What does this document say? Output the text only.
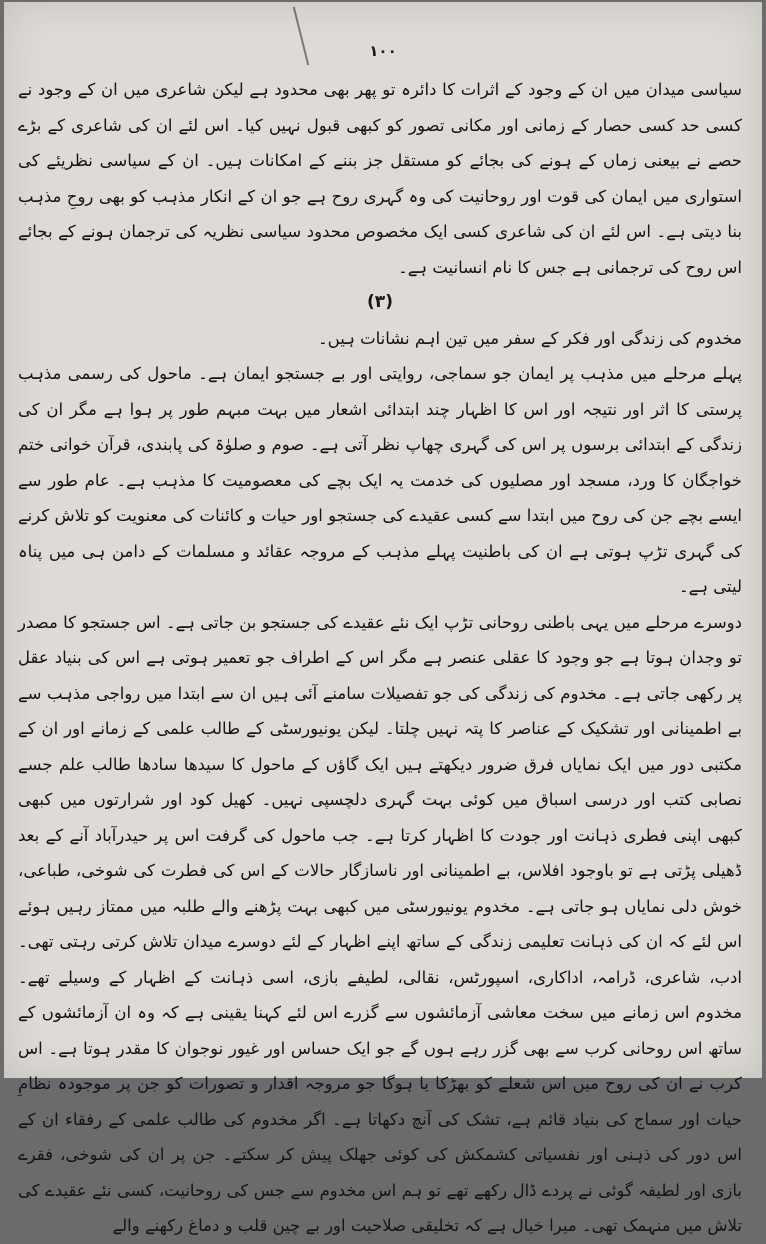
۱۰۰

سیاسی میدان میں ان کے وجود کے اثرات کا دائرہ تو پھر بھی محدود ہے لیکن شاعری میں ان کے وجود نے کسی حد کسی حصار کے زمانی اور مکانی تصور کو کبھی قبول نہیں کیا۔ اس لئے ان کی شاعری کے بڑے حصے نے بیعنی زماں کے ہونے کی بجائے کو مستقل جز بننے کے امکانات ہیں۔ ان کے سیاسی نظریئے کی استواری میں ایمان کی قوت اور روحانیت کی وہ گہری روح ہے جو ان کے انکار مذہب کو بھی روحِ مذہب بنا دیتی ہے۔ اس لئے ان کی شاعری کسی ایک مخصوص محدود سیاسی نظریہ کی ترجمان ہونے کے بجائے اس روح کی ترجمانی ہے جس کا نام انسانیت ہے۔

(۳)

مخدوم کی زندگی اور فکر کے سفر میں تین اہم نشانات ہیں۔

پہلے مرحلے میں مذہب پر ایمان جو سماجی، روایتی اور بے جستجو ایمان ہے۔ ماحول کی رسمی مذہب پرستی کا اثر اور نتیجہ اور اس کا اظہار چند ابتدائی اشعار میں بہت مبہم طور پر ہوا ہے مگر ان کی زندگی کے ابتدائی برسوں پر اس کی گہری چھاپ نظر آتی ہے۔ صوم و صلوٰۃ کی پابندی، قرآن خوانی ختم خواجگان کا ورد، مسجد اور مصلیوں کی خدمت یہ ایک بچے کی معصومیت کا مذہب ہے۔ عام طور سے ایسے بچے جن کی روح میں ابتدا سے کسی عقیدے کی جستجو اور حیات و کائنات کی معنویت کو تلاش کرنے کی گہری تڑپ ہوتی ہے ان کی باطنیت پہلے مذہب کے مروجہ عقائد و مسلمات کے دامن ہی میں پناہ لیتی ہے۔

دوسرے مرحلے میں یہی باطنی روحانی تڑپ ایک نئے عقیدے کی جستجو بن جاتی ہے۔ اس جستجو کا مصدر تو وجدان ہوتا ہے جو وجود کا عقلی عنصر ہے مگر اس کے اطراف جو تعمیر ہوتی ہے اس کی بنیاد عقل پر رکھی جاتی ہے۔ مخدوم کی زندگی کی جو تفصیلات سامنے آئی ہیں ان سے ابتدا میں رواجی مذہب سے بے اطمینانی اور تشکیک کے عناصر کا پتہ نہیں چلتا۔ لیکن یونیورسٹی کے طالب علمی کے زمانے اور ان کے مکتبی دور میں ایک نمایاں فرق ضرور دیکھتے ہیں ایک گاؤں کے ماحول کا سیدھا سادھا طالب علم جسے نصابی کتب اور درسی اسباق میں کوئی بہت گہری دلچسپی نہیں۔ کھیل کود اور شرارتوں میں کبھی کبھی اپنی فطری ذہانت اور جودت کا اظہار کرتا ہے۔ جب ماحول کی گرفت اس پر حیدرآباد آنے کے بعد ڈھیلی پڑتی ہے تو باوجود افلاس، بے اطمینانی اور ناسازگار حالات کے اس کی فطرت کی شوخی، طباعی، خوش دلی نمایاں ہو جاتی ہے۔ مخدوم یونیورسٹی میں کبھی بہت پڑھنے والے طلبہ میں ممتاز رہیں ہوئے اس لئے کہ ان کی ذہانت تعلیمی زندگی کے ساتھ اپنے اظہار کے لئے دوسرے میدان تلاش کرتی رہتی تھی۔ ادب، شاعری، ڈرامہ، اداکاری، اسپورٹس، نقالی، لطیفے بازی، اسی ذہانت کے اظہار کے وسیلے تھے۔ مخدوم اس زمانے میں سخت معاشی آزمائشوں سے گزرے اس لئے کہنا یقینی ہے کہ وہ ان آزمائشوں کے ساتھ اس روحانی کرب سے بھی گزر رہے ہوں گے جو ایک حساس اور غیور نوجوان کا مقدر ہوتا ہے۔ اس کرب نے ان کی روح میں اس شعلے کو بھڑکا یا ہوگا جو مروجہ اقدار و تصورات کو جن پر موجودہ نظامِ حیات اور سماج کی بنیاد قائم ہے، تشک کی آنچ دکھاتا ہے۔ اگر مخدوم کی طالب علمی کے رفقاء ان کے اس دور کی ذہنی اور نفسیاتی کشمکش کی کوئی جھلک پیش کر سکتے۔ جن پر ان کی شوخی، فقرے بازی اور لطیفہ گوئی نے پردے ڈال رکھے تھے تو ہم اس مخدوم سے جس کی روحانیت، کسی نئے عقیدے کی تلاش میں منہمک تھی۔ میرا خیال ہے کہ تخلیقی صلاحیت اور بے چین قلب و دماغ رکھنے والے
